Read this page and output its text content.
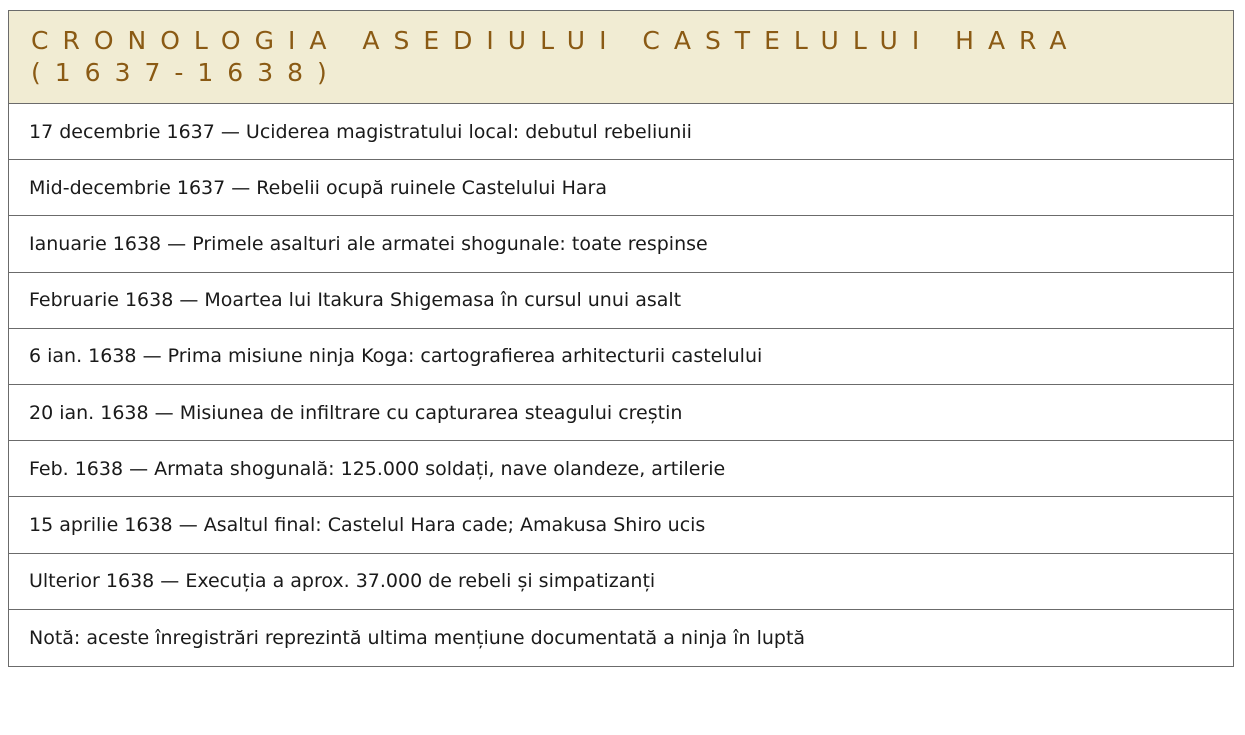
CRONOLOGIA ASEDIULUI CASTELULUI HARA (1637-1638)
17 decembrie 1637 — Uciderea magistratului local: debutul rebeliunii
Mid-decembrie 1637 — Rebelii ocupă ruinele Castelului Hara
Ianuarie 1638 — Primele asalturi ale armatei shogunale: toate respinse
Februarie 1638 — Moartea lui Itakura Shigemasa în cursul unui asalt
6 ian. 1638 — Prima misiune ninja Koga: cartografierea arhitecturii castelului
20 ian. 1638 — Misiunea de infiltrare cu capturarea steagului creștin
Feb. 1638 — Armata shogunală: 125.000 soldați, nave olandeze, artilerie
15 aprilie 1638 — Asaltul final: Castelul Hara cade; Amakusa Shiro ucis
Ulterior 1638 — Execuția a aprox. 37.000 de rebeli și simpatizanți
Notă: aceste înregistrări reprezintă ultima mențiune documentată a ninja în luptă
